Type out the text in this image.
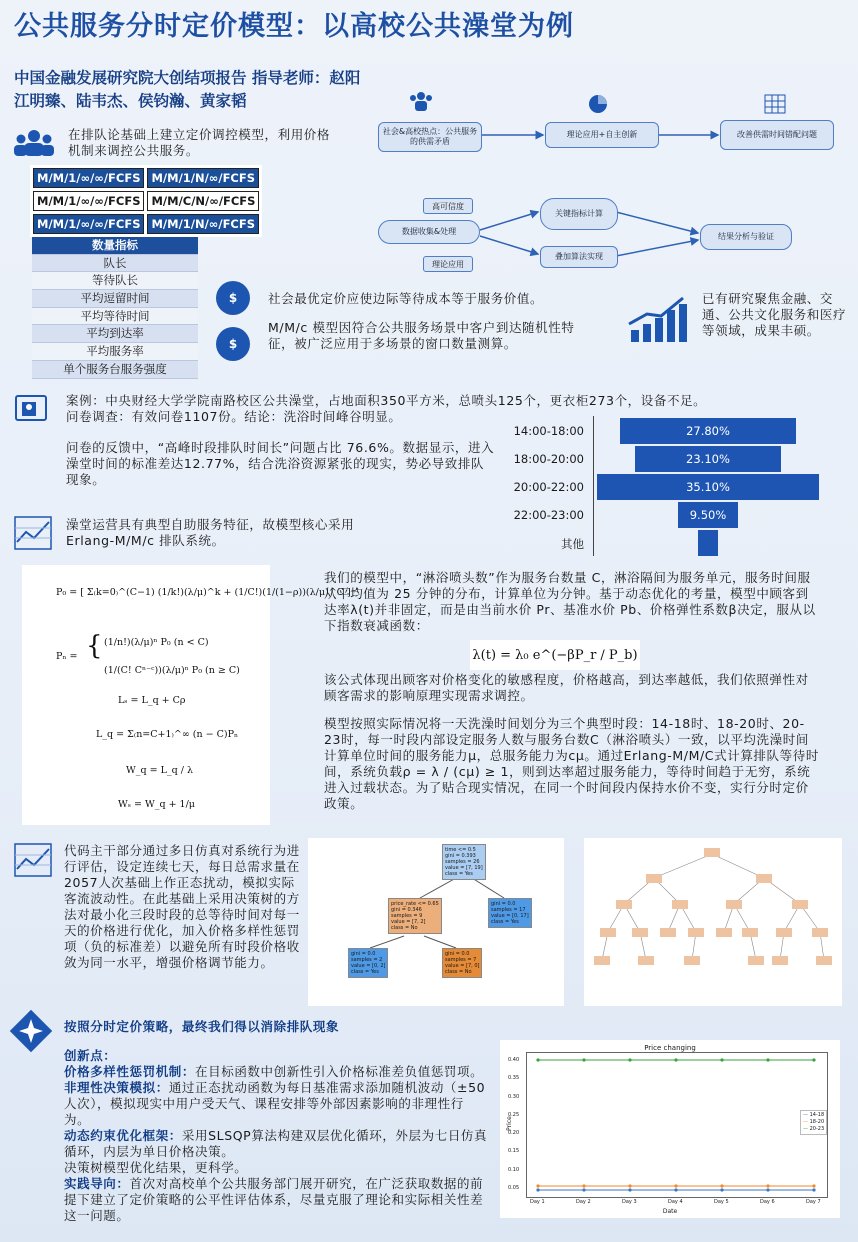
公共服务分时定价模型：以高校公共澡堂为例
中国金融发展研究院大创结项报告 指导老师：赵阳
江明臻、陆韦杰、侯钧瀚、黄家韬
在排队论基础上建立定价调控模型，利用价格机制来调控公共服务。
M/M/1/∞/∞/FCFS	M/M/1/N/∞/FCFS
M/M/1/∞/∞/FCFS	M/M/C/N/∞/FCFS
M/M/1/∞/∞/FCFS	M/M/1/N/∞/FCFS
数量指标
队长
等待队长
平均逗留时间
平均等待时间
平均到达率
平均服务率
单个服务台服务强度
社会&高校热点：公共服务的供需矛盾
理论应用+自主创新	改善供需时间错配问题
高可信度
数据收集&处理
关键指标计算
叠加算法实现
结果分析与验证
理论应用
$	社会最优定价应使边际等待成本等于服务价值。
$
M/M/c 模型因符合公共服务场景中客户到达随机性特征，被广泛应用于多场景的窗口数量测算。
已有研究聚焦金融、交通、公共文化服务和医疗等领域，成果丰硕。
案例：中央财经大学学院南路校区公共澡堂，占地面积350平方米，总喷头125个，更衣柜273个，设备不足。
问卷调查：有效问卷1107份。结论：洗浴时间峰谷明显。
问卷的反馈中，“高峰时段排队时间长”问题占比 76.6%。数据显示，进入澡堂时间的标准差达12.77%，结合洗浴资源紧张的现实，势必导致排队现象。
14:00-18:00	27.80%
18:00-20:00	23.10%
20:00-22:00	35.10%
22:00-23:00	9.50%
其他
澡堂运营具有典型自助服务特征，故模型核心采用 Erlang-M/M/c 排队系统。
P₀ = [ Σ₍k=0₎^(C−1) (1/k!)(λ/μ)^k + (1/C!)(1/(1−ρ))(λ/μ)^C ]⁻¹
Pₙ = { (1/n!)(λ/μ)ⁿ P₀ (n < C)
(1/(C! Cⁿ⁻ᶜ))(λ/μ)ⁿ P₀ (n ≥ C)
Lₛ = L_q + Cρ
L_q = Σ₍n=C+1₎^∞ (n − C)Pₙ
W_q = L_q / λ
Wₛ = W_q + 1/μ
我们的模型中，“淋浴喷头数”作为服务台数量 C，淋浴隔间为服务单元，服务时间服从平均值为 25 分钟的分布，计算单位为分钟。基于动态优化的考量，模型中顾客到达率λ(t)并非固定，而是由当前水价 Pr、基准水价 Pb、价格弹性系数β决定，服从以下指数衰减函数：
λ(t) = λ₀ e^(−βP_r / P_b)
该公式体现出顾客对价格变化的敏感程度，价格越高，到达率越低，我们依照弹性对顾客需求的影响原理实现需求调控。
模型按照实际情况将一天洗澡时间划分为三个典型时段：14-18时、18-20时、20-23时，每一时段内部设定服务人数与服务台数C（淋浴喷头）一致，以平均洗澡时间计算单位时间的服务能力μ，总服务能力为cμ。通过Erlang-M/M/C式计算排队等待时间，系统负载ρ = λ / (cμ) ≥ 1，则到达率超过服务能力，等待时间趋于无穷，系统进入过载状态。为了贴合现实情况，在同一个时间段内保持水价不变，实行分时定价政策。
代码主干部分通过多日仿真对系统行为进行评估，设定连续七天，每日总需求量在2057人次基础上作正态扰动，模拟实际客流波动性。在此基础上采用决策树的方法对最小化三段时段的总等待时间对每一天的价格进行优化，加入价格多样性惩罚项（负的标准差）以避免所有时段价格收敛为同一水平，增强价格调节能力。
time <= 0.5
gini = 0.393
samples = 26
value = [7, 19]
class = Yes
price_rate <= 0.65
gini = 0.346
samples = 9
value = [7, 2]
class = No
gini = 0.0
samples = 17
value = [0, 17]
class = Yes
gini = 0.0
samples = 2
value = [0, 2]
class = Yes
gini = 0.0
samples = 7
value = [7, 0]
class = No
按照分时定价策略，最终我们得以消除排队现象
创新点：
价格多样性惩罚机制：在目标函数中创新性引入价格标准差负值惩罚项。
非理性决策模拟：通过正态扰动函数为每日基准需求添加随机波动（±50人次），模拟现实中用户受天气、课程安排等外部因素影响的非理性行为。
动态约束优化框架：采用SLSQP算法构建双层优化循环，外层为七日仿真循环，内层为单日价格决策。
决策树模型优化结果，更科学。
实践导向：首次对高校单个公共服务部门展开研究，在广泛获取数据的前提下建立了定价策略的公平性评估体系，尽量克服了理论和实际相关性差这一问题。
Price changing
Price
Date
— 14-18
— 18-20
— 20-23
0.40
0.35
0.30
0.25
0.20
0.15
0.10
0.05
Day 1	Day 2	Day 3	Day 4	Day 5	Day 6	Day 7
